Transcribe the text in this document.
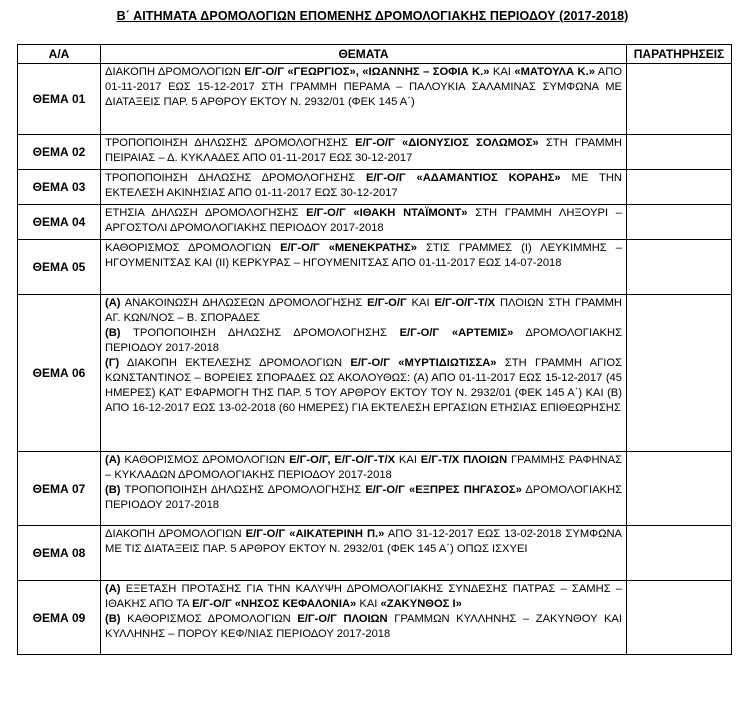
Β΄ ΑΙΤΗΜΑΤΑ ΔΡΟΜΟΛΟΓΙΩΝ ΕΠΟΜΕΝΗΣ ΔΡΟΜΟΛΟΓΙΑΚΗΣ ΠΕΡΙΟΔΟΥ (2017-2018)
Α/Α	ΘΕΜΑΤΑ	ΠΑΡΑΤΗΡΗΣΕΙΣ
ΘΕΜΑ 01	ΔΙΑΚΟΠΗ ΔΡΟΜΟΛΟΓΙΩΝ Ε/Γ-Ο/Γ «ΓΕΩΡΓΙΟΣ», «ΙΩΑΝΝΗΣ – ΣΟΦΙΑ Κ.» ΚΑΙ «ΜΑΤΟΥΛΑ Κ.» ΑΠΟ 01-11-2017 ΕΩΣ 15-12-2017 ΣΤΗ ΓΡΑΜΜΗ ΠΕΡΑΜΑ – ΠΑΛΟΥΚΙΑ ΣΑΛΑΜΙΝΑΣ ΣΥΜΦΩΝΑ ΜΕ ΔΙΑΤΑΞΕΙΣ ΠΑΡ. 5 ΑΡΘΡΟΥ ΕΚΤΟΥ Ν. 2932/01 (ΦΕΚ 145 Α΄)	

ΘΕΜΑ 02	ΤΡΟΠΟΠΟΙΗΣΗ ΔΗΛΩΣΗΣ ΔΡΟΜΟΛΟΓΗΣΗΣ Ε/Γ-Ο/Γ «ΔΙΟΝΥΣΙΟΣ ΣΟΛΩΜΟΣ» ΣΤΗ ΓΡΑΜΜΗ ΠΕΙΡΑΙΑΣ – Δ. ΚΥΚΛΑΔΕΣ ΑΠΟ 01-11-2017 ΕΩΣ 30-12-2017	

ΘΕΜΑ 03	ΤΡΟΠΟΠΟΙΗΣΗ ΔΗΛΩΣΗΣ ΔΡΟΜΟΛΟΓΗΣΗΣ Ε/Γ-Ο/Γ «ΑΔΑΜΑΝΤΙΟΣ ΚΟΡΑΗΣ» ΜΕ ΤΗΝ ΕΚΤΕΛΕΣΗ ΑΚΙΝΗΣΙΑΣ ΑΠΟ 01-11-2017 ΕΩΣ 30-12-2017	

ΘΕΜΑ 04	ΕΤΗΣΙΑ ΔΗΛΩΣΗ ΔΡΟΜΟΛΟΓΗΣΗΣ Ε/Γ-Ο/Γ «ΙΘΑΚΗ ΝΤΑΪΜΟΝΤ» ΣΤΗ ΓΡΑΜΜΗ ΛΗΞΟΥΡΙ – ΑΡΓΟΣΤΟΛΙ ΔΡΟΜΟΛΟΓΙΑΚΗΣ ΠΕΡΙΟΔΟΥ 2017-2018	

ΘΕΜΑ 05	ΚΑΘΟΡΙΣΜΟΣ ΔΡΟΜΟΛΟΓΙΩΝ Ε/Γ-Ο/Γ «ΜΕΝΕΚΡΑΤΗΣ» ΣΤΙΣ ΓΡΑΜΜΕΣ (Ι) ΛΕΥΚΙΜΜΗΣ – ΗΓΟΥΜΕΝΙΤΣΑΣ ΚΑΙ (ΙΙ) ΚΕΡΚΥΡΑΣ – ΗΓΟΥΜΕΝΙΤΣΑΣ ΑΠΟ 01-11-2017 ΕΩΣ 14-07-2018	

ΘΕΜΑ 06	(Α) ΑΝΑΚΟΙΝΩΣΗ ΔΗΛΩΣΕΩΝ ΔΡΟΜΟΛΟΓΗΣΗΣ Ε/Γ-Ο/Γ ΚΑΙ Ε/Γ-Ο/Γ-Τ/Χ ΠΛΟΙΩΝ ΣΤΗ ΓΡΑΜΜΗ ΑΓ. ΚΩΝ/ΝΟΣ – Β. ΣΠΟΡΑΔΕΣ
(Β) ΤΡΟΠΟΠΟΙΗΣΗ ΔΗΛΩΣΗΣ ΔΡΟΜΟΛΟΓΗΣΗΣ Ε/Γ-Ο/Γ «ΑΡΤΕΜΙΣ» ΔΡΟΜΟΛΟΓΙΑΚΗΣ ΠΕΡΙΟΔΟΥ 2017-2018
(Γ) ΔΙΑΚΟΠΗ ΕΚΤΕΛΕΣΗΣ ΔΡΟΜΟΛΟΓΙΩΝ Ε/Γ-Ο/Γ «ΜΥΡΤΙΔΙΩΤΙΣΣΑ» ΣΤΗ ΓΡΑΜΜΗ ΑΓΙΟΣ ΚΩΝΣΤΑΝΤΙΝΟΣ – ΒΟΡΕΙΕΣ ΣΠΟΡΑΔΕΣ ΩΣ ΑΚΟΛΟΥΘΩΣ: (Α) ΑΠΟ 01-11-2017 ΕΩΣ 15-12-2017 (45 ΗΜΕΡΕΣ) ΚΑΤ' ΕΦΑΡΜΟΓΗ ΤΗΣ ΠΑΡ. 5 ΤΟΥ ΑΡΘΡΟΥ ΕΚΤΟΥ ΤΟΥ Ν. 2932/01 (ΦΕΚ 145 Α΄) ΚΑΙ (Β) ΑΠΟ 16-12-2017 ΕΩΣ 13-02-2018 (60 ΗΜΕΡΕΣ) ΓΙΑ ΕΚΤΕΛΕΣΗ ΕΡΓΑΣΙΩΝ ΕΤΗΣΙΑΣ ΕΠΙΘΕΩΡΗΣΗΣ	

ΘΕΜΑ 07	(Α) ΚΑΘΟΡΙΣΜΟΣ ΔΡΟΜΟΛΟΓΙΩΝ Ε/Γ-Ο/Γ, Ε/Γ-Ο/Γ-Τ/Χ ΚΑΙ Ε/Γ-Τ/Χ ΠΛΟΙΩΝ ΓΡΑΜΜΗΣ ΡΑΦΗΝΑΣ – ΚΥΚΛΑΔΩΝ ΔΡΟΜΟΛΟΓΙΑΚΗΣ ΠΕΡΙΟΔΟΥ 2017-2018
(Β) ΤΡΟΠΟΠΟΙΗΣΗ ΔΗΛΩΣΗΣ ΔΡΟΜΟΛΟΓΗΣΗΣ Ε/Γ-Ο/Γ «ΕΞΠΡΕΣ ΠΗΓΑΣΟΣ» ΔΡΟΜΟΛΟΓΙΑΚΗΣ ΠΕΡΙΟΔΟΥ 2017-2018	

ΘΕΜΑ 08	ΔΙΑΚΟΠΗ ΔΡΟΜΟΛΟΓΙΩΝ Ε/Γ-Ο/Γ «ΑΙΚΑΤΕΡΙΝΗ Π.» ΑΠΟ 31-12-2017 ΕΩΣ 13-02-2018 ΣΥΜΦΩΝΑ ΜΕ ΤΙΣ ΔΙΑΤΑΞΕΙΣ ΠΑΡ. 5 ΑΡΘΡΟΥ ΕΚΤΟΥ Ν. 2932/01 (ΦΕΚ 145 Α΄) ΟΠΩΣ ΙΣΧΥΕΙ	

ΘΕΜΑ 09	(Α) ΕΞΕΤΑΣΗ ΠΡΟΤΑΣΗΣ ΓΙΑ ΤΗΝ ΚΑΛΥΨΗ ΔΡΟΜΟΛΟΓΙΑΚΗΣ ΣΥΝΔΕΣΗΣ ΠΑΤΡΑΣ – ΣΑΜΗΣ – ΙΘΑΚΗΣ ΑΠΟ ΤΑ Ε/Γ-Ο/Γ «ΝΗΣΟΣ ΚΕΦΑΛΟΝΙΑ» ΚΑΙ «ΖΑΚΥΝΘΟΣ Ι»
(Β) ΚΑΘΟΡΙΣΜΟΣ ΔΡΟΜΟΛΟΓΙΩΝ Ε/Γ-Ο/Γ ΠΛΟΙΩΝ ΓΡΑΜΜΩΝ ΚΥΛΛΗΝΗΣ – ΖΑΚΥΝΘΟΥ ΚΑΙ ΚΥΛΛΗΝΗΣ – ΠΟΡΟΥ ΚΕΦ/ΝΙΑΣ ΠΕΡΙΟΔΟΥ 2017-2018	
